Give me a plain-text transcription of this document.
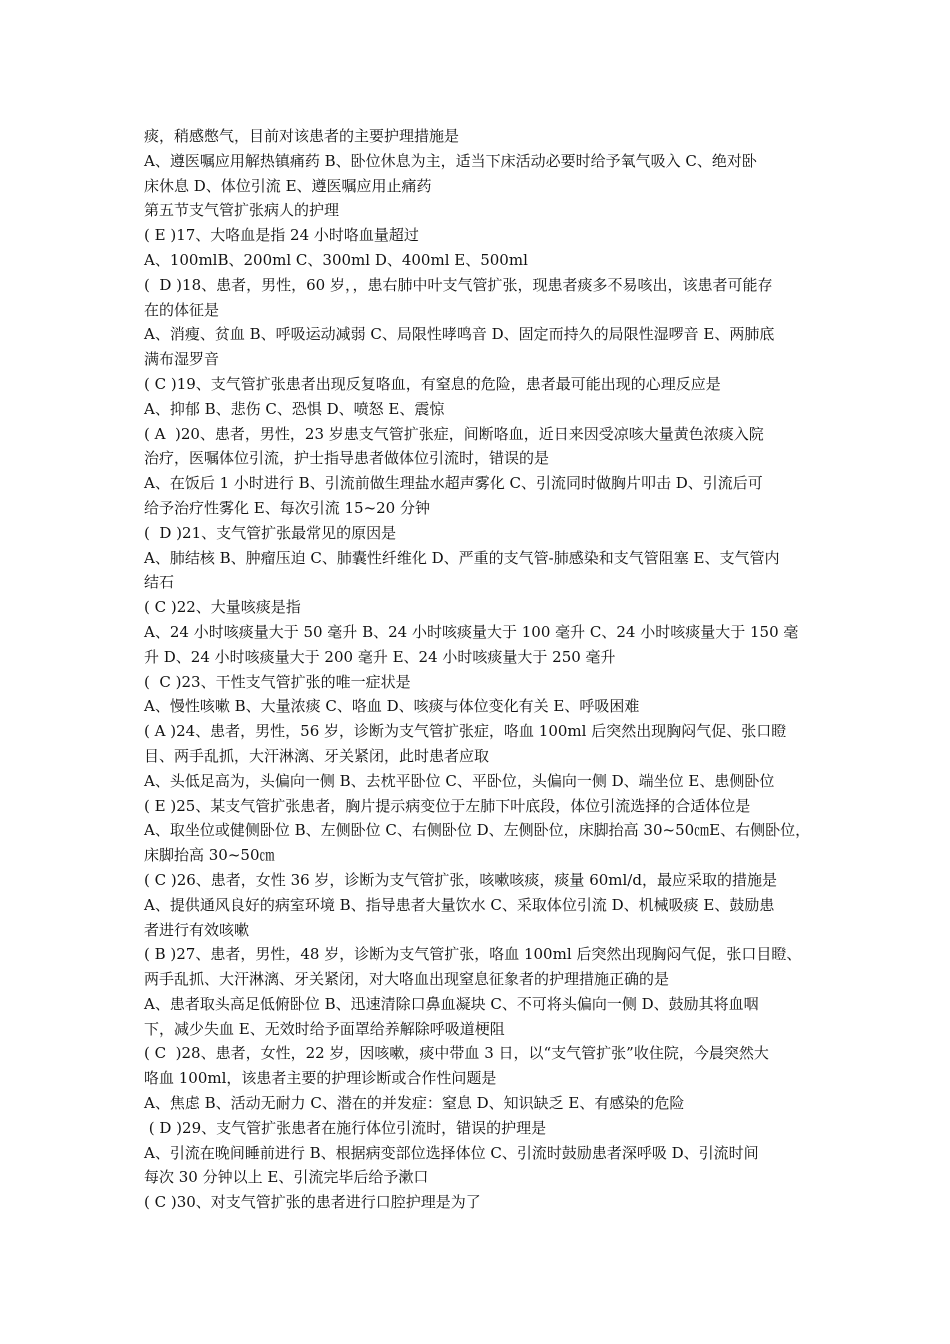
痰，稍感憋气，目前对该患者的主要护理措施是
A、遵医嘱应用解热镇痛药 B、卧位休息为主，适当下床活动必要时给予氧气吸入 C、绝对卧
床休息 D、体位引流 E、遵医嘱应用止痛药
第五节支气管扩张病人的护理
( E )17、大咯血是指 24 小时咯血量超过
A、100mlB、200ml C、300ml D、400ml E、500ml
(  D )18、患者，男性，60 岁，，患右肺中叶支气管扩张，现患者痰多不易咳出，该患者可能存
在的体征是
A、消瘦、贫血 B、呼吸运动减弱 C、局限性哮鸣音 D、固定而持久的局限性湿啰音 E、两肺底
满布湿罗音
( C )19、支气管扩张患者出现反复咯血，有窒息的危险，患者最可能出现的心理反应是
A、抑郁 B、悲伤 C、恐惧 D、喷怒 E、震惊
( A  )20、患者，男性，23 岁患支气管扩张症，间断咯血，近日来因受凉咳大量黄色浓痰入院
治疗，医嘱体位引流，护士指导患者做体位引流时，错误的是
A、在饭后 1 小时进行 B、引流前做生理盐水超声雾化 C、引流同时做胸片叩击 D、引流后可
给予治疗性雾化 E、每次引流 15~20 分钟
(  D )21、支气管扩张最常见的原因是
A、肺结核 B、肿瘤压迫 C、肺囊性纤维化 D、严重的支气管-肺感染和支气管阻塞 E、支气管内
结石
( C )22、大量咳痰是指
A、24 小时咳痰量大于 50 毫升 B、24 小时咳痰量大于 100 毫升 C、24 小时咳痰量大于 150 毫
升 D、24 小时咳痰量大于 200 毫升 E、24 小时咳痰量大于 250 毫升
(  C )23、干性支气管扩张的唯一症状是
A、慢性咳嗽 B、大量浓痰 C、咯血 D、咳痰与体位变化有关 E、呼吸困难
( A )24、患者，男性，56 岁，诊断为支气管扩张症，咯血 100ml 后突然出现胸闷气促、张口瞪
目、两手乱抓，大汗淋漓、牙关紧闭，此时患者应取
A、头低足高为，头偏向一侧 B、去枕平卧位 C、平卧位，头偏向一侧 D、端坐位 E、患侧卧位
( E )25、某支气管扩张患者，胸片提示病变位于左肺下叶底段，体位引流选择的合适体位是
A、取坐位或健侧卧位 B、左侧卧位 C、右侧卧位 D、左侧卧位，床脚抬高 30~50㎝E、右侧卧位，
床脚抬高 30~50㎝
( C )26、患者，女性 36 岁，诊断为支气管扩张，咳嗽咳痰，痰量 60ml/d，最应采取的措施是
A、提供通风良好的病室环境 B、指导患者大量饮水 C、采取体位引流 D、机械吸痰 E、鼓励患
者进行有效咳嗽
( B )27、患者，男性，48 岁，诊断为支气管扩张，咯血 100ml 后突然出现胸闷气促，张口目瞪、
两手乱抓、大汗淋漓、牙关紧闭，对大咯血出现窒息征象者的护理措施正确的是
A、患者取头高足低俯卧位 B、迅速清除口鼻血凝块 C、不可将头偏向一侧 D、鼓励其将血咽
下，减少失血 E、无效时给予面罩给养解除呼吸道梗阻
( C  )28、患者，女性，22 岁，因咳嗽，痰中带血 3 日，以“支气管扩张”收住院，今晨突然大
咯血 100ml，该患者主要的护理诊断或合作性问题是
A、焦虑 B、活动无耐力 C、潜在的并发症：窒息 D、知识缺乏 E、有感染的危险
( D )29、支气管扩张患者在施行体位引流时，错误的护理是
A、引流在晚间睡前进行 B、根据病变部位选择体位 C、引流时鼓励患者深呼吸 D、引流时间
每次 30 分钟以上 E、引流完毕后给予漱口
( C )30、对支气管扩张的患者进行口腔护理是为了
